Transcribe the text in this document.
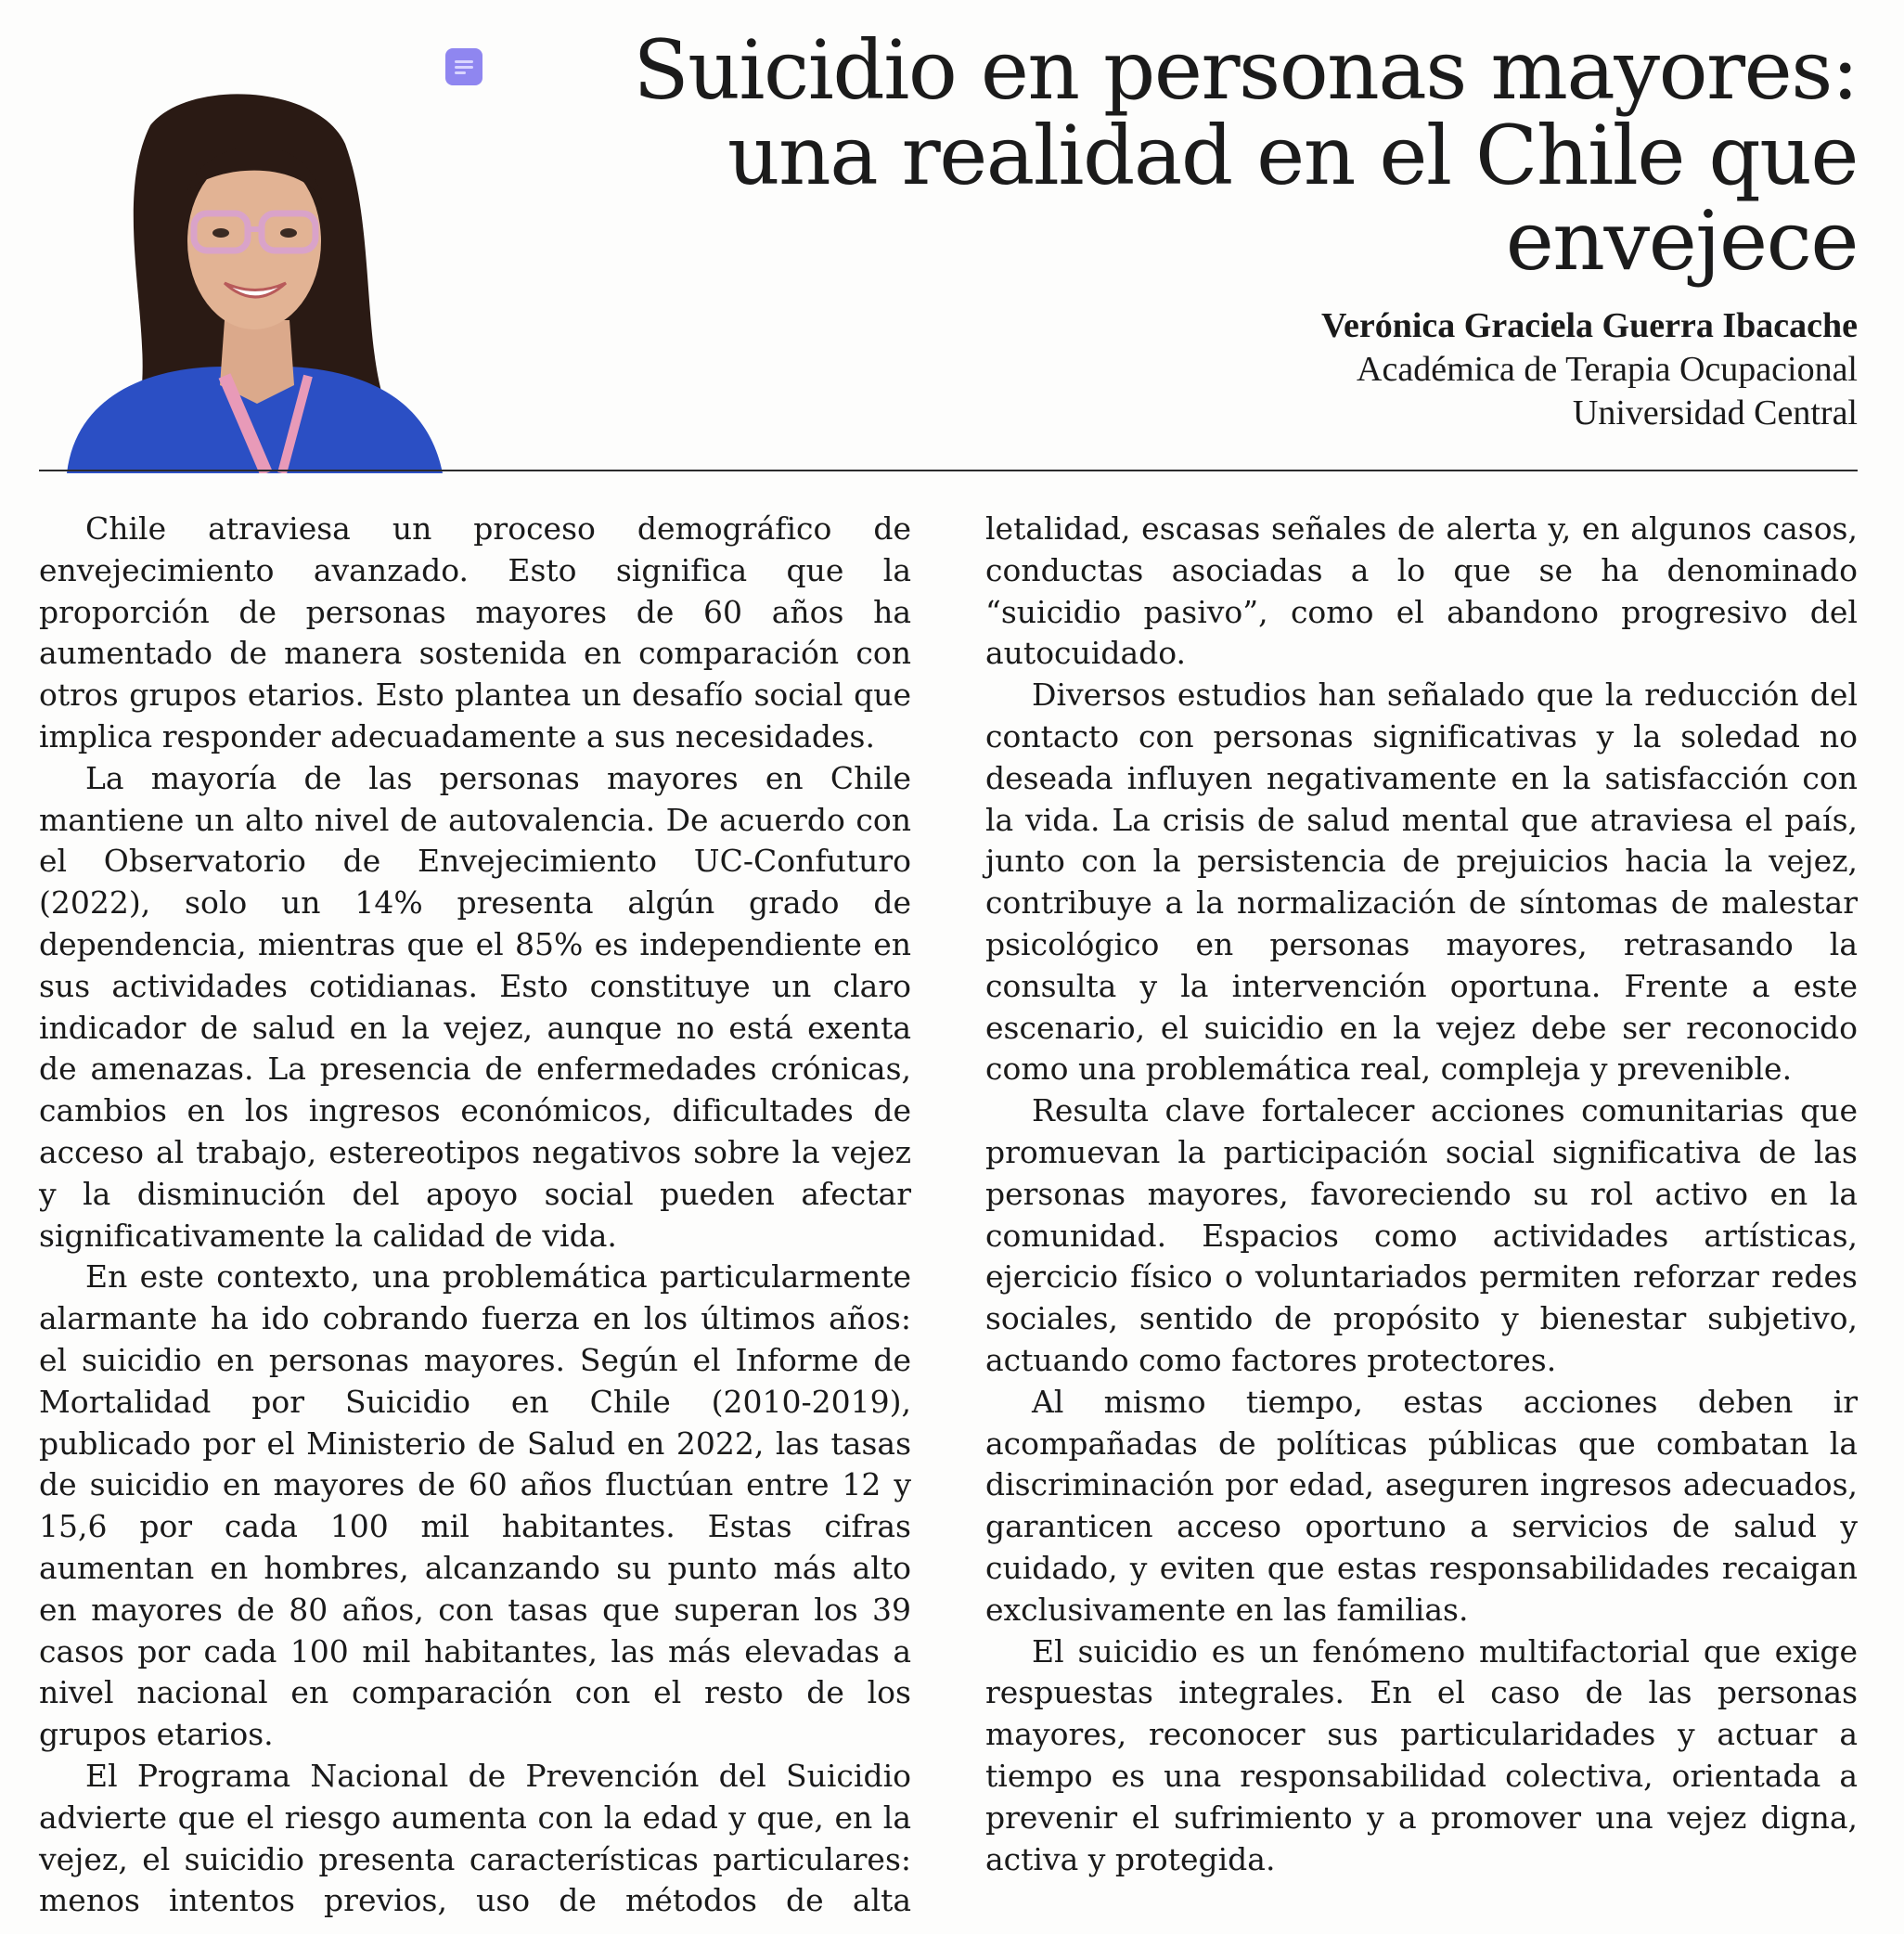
Suicidio en personas mayores: una realidad en el Chile que envejece
Verónica Graciela Guerra Ibacache
Académica de Terapia Ocupacional
Universidad Central

Chile atraviesa un proceso demográfico de envejecimiento avanzado. Esto significa que la proporción de personas mayores de 60 años ha aumentado de manera sostenida en comparación con otros grupos etarios. Esto plantea un desafío social que implica responder adecuadamente a sus necesidades.

La mayoría de las personas mayores en Chile mantiene un alto nivel de autovalencia. De acuerdo con el Observatorio de Envejecimiento UC-Confuturo (2022), solo un 14% presenta algún grado de dependencia, mientras que el 85% es independiente en sus actividades cotidianas. Esto constituye un claro indicador de salud en la vejez, aunque no está exenta de amenazas. La presencia de enfermedades crónicas, cambios en los ingresos económicos, dificultades de acceso al trabajo, estereotipos negativos sobre la vejez y la disminución del apoyo social pueden afectar significativamente la calidad de vida.

En este contexto, una problemática particularmente alarmante ha ido cobrando fuerza en los últimos años: el suicidio en personas mayores. Según el Informe de Mortalidad por Suicidio en Chile (2010-2019), publicado por el Ministerio de Salud en 2022, las tasas de suicidio en mayores de 60 años fluctúan entre 12 y 15,6 por cada 100 mil habitantes. Estas cifras aumentan en hombres, alcanzando su punto más alto en mayores de 80 años, con tasas que superan los 39 casos por cada 100 mil habitantes, las más elevadas a nivel nacional en comparación con el resto de los grupos etarios.

El Programa Nacional de Prevención del Suicidio advierte que el riesgo aumenta con la edad y que, en la vejez, el suicidio presenta características particulares: menos intentos previos, uso de métodos de alta letalidad, escasas señales de alerta y, en algunos casos, conductas asociadas a lo que se ha denominado “suicidio pasivo”, como el abandono progresivo del autocuidado.

Diversos estudios han señalado que la reducción del contacto con personas significativas y la soledad no deseada influyen negativamente en la satisfacción con la vida. La crisis de salud mental que atraviesa el país, junto con la persistencia de prejuicios hacia la vejez, contribuye a la normalización de síntomas de malestar psicológico en personas mayores, retrasando la consulta y la intervención oportuna. Frente a este escenario, el suicidio en la vejez debe ser reconocido como una problemática real, compleja y prevenible.

Resulta clave fortalecer acciones comunitarias que promuevan la participación social significativa de las personas mayores, favoreciendo su rol activo en la comunidad. Espacios como actividades artísticas, ejercicio físico o voluntariados permiten reforzar redes sociales, sentido de propósito y bienestar subjetivo, actuando como factores protectores.

Al mismo tiempo, estas acciones deben ir acompañadas de políticas públicas que combatan la discriminación por edad, aseguren ingresos adecuados, garanticen acceso oportuno a servicios de salud y cuidado, y eviten que estas responsabilidades recaigan exclusivamente en las familias.

El suicidio es un fenómeno multifactorial que exige respuestas integrales. En el caso de las personas mayores, reconocer sus particularidades y actuar a tiempo es una responsabilidad colectiva, orientada a prevenir el sufrimiento y a promover una vejez digna, activa y protegida.
